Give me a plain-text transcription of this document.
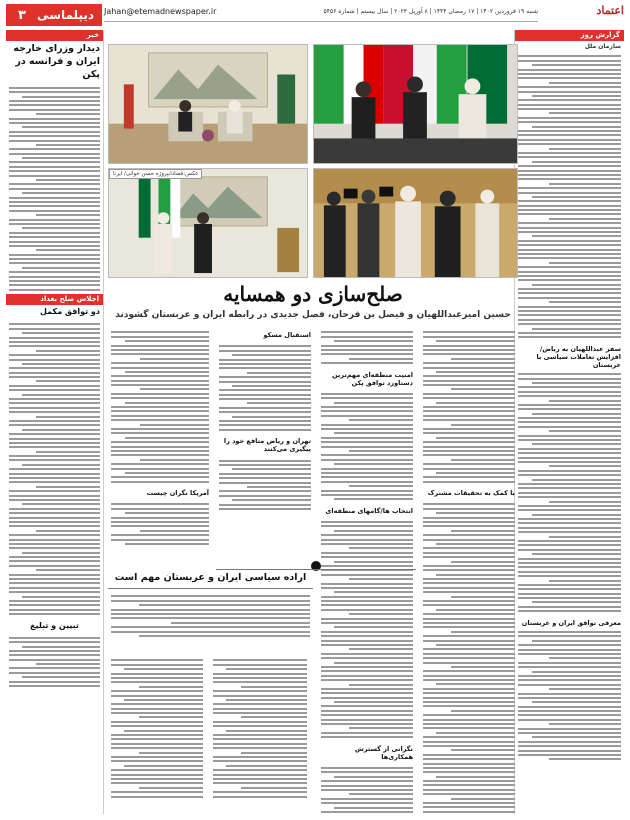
۳ دیپلماسی Jahan@etemadnewspaper.ir	شنبه ۱۹ فروردین ۱۴۰۲ | ۱۷ رمضان ۱۴۴۴ | ۸ آوریل ۲۰۲۳ | سال بیستم | شماره ۵۴۵۶	اعتماد
گزارش روز
سازمان ملل
سفر عبداللهیان به ریاض/افزایش تعاملات سیاسی با عربستان
معرفی توافق ایران و عربستان
خبر
دیدار وزرای خارجه ایران و فرانسه در پکن
اجلاس صلح بغداد
دو توافق مکمل
تبیین و تبلیغ
عکس:فضادانپروژه حسن خوانی/ ایرنا
صلح‌سازی دو همسایه
حسین امیرعبداللهیان و فیصل بن فرحان، فصل جدیدی در رابطه ایران و عربستان گشودند
با کمک به تحقیقات مشترک
امنیت منطقه‌ای مهم‌ترین دستاورد توافق پکن
انتخاب ها/گامهای منطقه‌ای
نگرانی از گسترش همکاری‌ها
استقبال مسکو
تهران و ریاض متافع خود را پیگیری می‌کنند
آمریکا نگران چیست
اراده سیاسی ایران و عربستان مهم است
